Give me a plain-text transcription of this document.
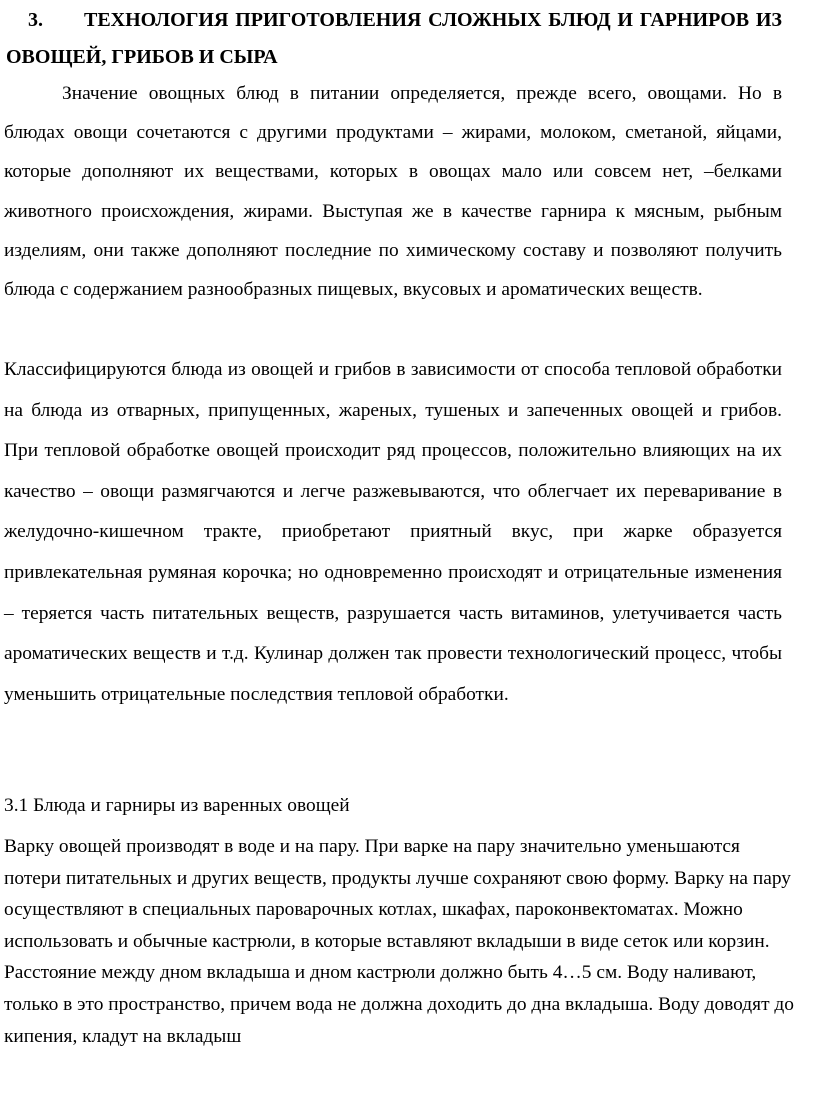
3. ТЕХНОЛОГИЯ ПРИГОТОВЛЕНИЯ СЛОЖНЫХ БЛЮД И ГАРНИРОВ ИЗ ОВОЩЕЙ, ГРИБОВ И СЫРА

Значение овощных блюд в питании определяется, прежде всего, овощами. Но в блюдах овощи сочетаются с другими продуктами – жирами, молоком, сметаной, яйцами, которые дополняют их веществами, которых в овощах мало или совсем нет, –белками животного происхождения, жирами. Выступая же в качестве гарнира к мясным, рыбным изделиям, они также дополняют последние по химическому составу и позволяют получить блюда с содержанием разнообразных пищевых, вкусовых и ароматических веществ.

Классифицируются блюда из овощей и грибов в зависимости от способа тепловой обработки на блюда из отварных, припущенных, жареных, тушеных и запеченных овощей и грибов. При тепловой обработке овощей происходит ряд процессов, положительно влияющих на их качество – овощи размягчаются и легче разжевываются, что облегчает их переваривание в желудочно-кишечном тракте, приобретают приятный вкус, при жарке образуется привлекательная румяная корочка; но одновременно происходят и отрицательные изменения – теряется часть питательных веществ, разрушается часть витаминов, улетучивается часть ароматических веществ и т.д. Кулинар должен так провести технологический процесс, чтобы уменьшить отрицательные последствия тепловой обработки.

3.1 Блюда и гарниры из варенных овощей

Варку овощей производят в воде и на пару. При варке на пару значительно уменьшаются потери питательных и других веществ, продукты лучше сохраняют свою форму. Варку на пару осуществляют в специальных пароварочных котлах, шкафах, пароконвектоматах. Можно использовать и обычные кастрюли, в которые вставляют вкладыши в виде сеток или корзин. Расстояние между дном вкладыша и дном кастрюли должно быть 4…5 см. Воду наливают, только в это пространство, причем вода не должна доходить до дна вкладыша. Воду доводят до кипения, кладут на вкладыш
